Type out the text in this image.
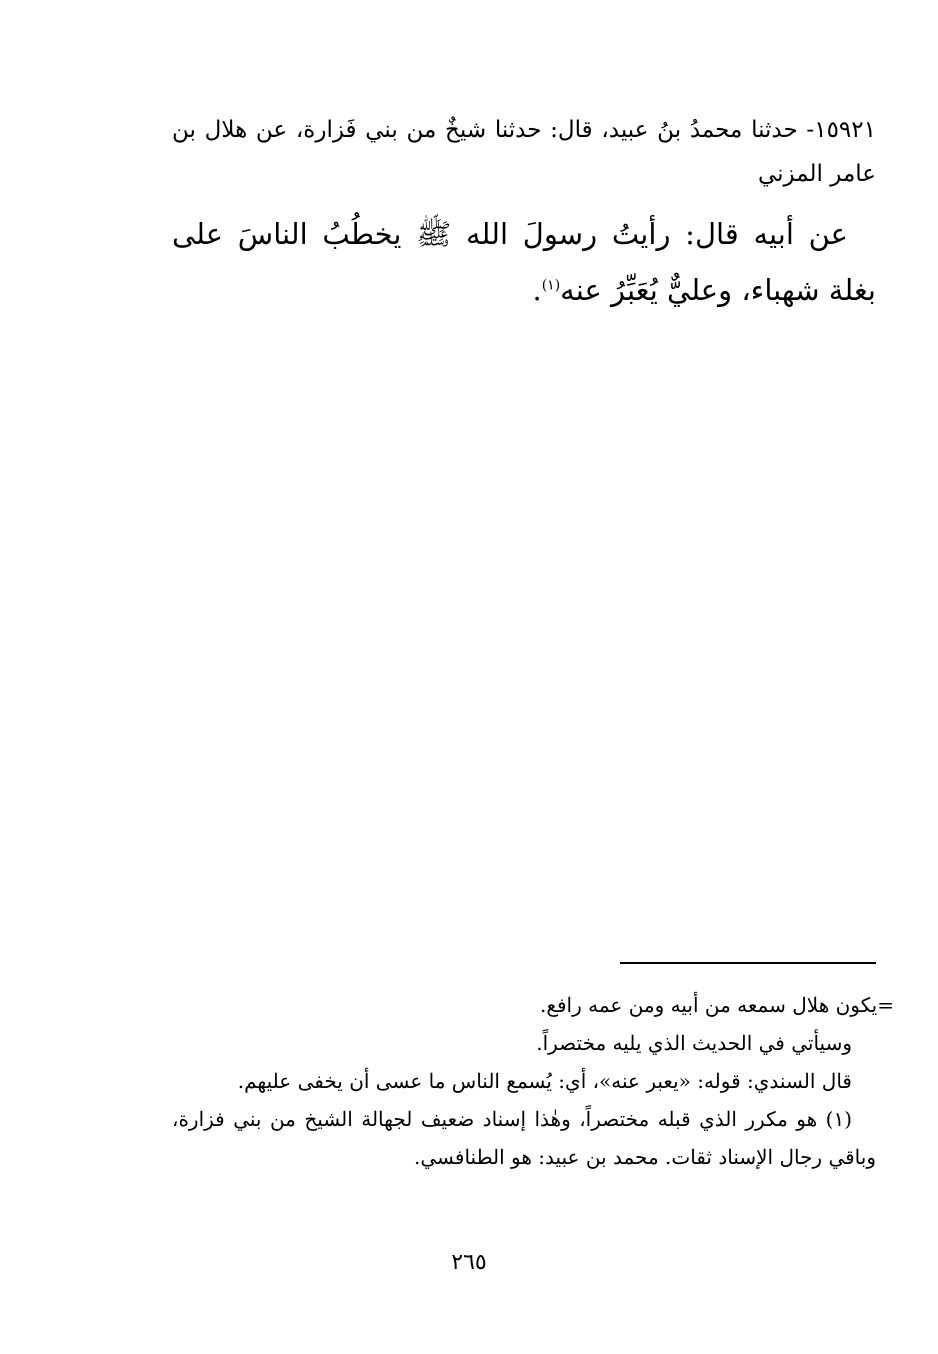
١٥٩٢١- حدثنا محمدُ بنُ عبيد، قال: حدثنا شيخٌ من بني فَزارة، عن هلال بن عامر المزني

عن أبيه قال: رأيتُ رسولَ الله ﷺ يخطُبُ الناسَ على بغلة شهباء، وعليٌّ يُعَبِّرُ عنه$^{(١)}$.

=يكون هلال سمعه من أبيه ومن عمه رافع.

وسيأتي في الحديث الذي يليه مختصراً.

قال السندي: قوله: «يعبر عنه»، أي: يُسمع الناس ما عسى أن يخفى عليهم.

(١) هو مكرر الذي قبله مختصراً، وهٰذا إسناد ضعيف لجهالة الشيخ من بني فزارة، وباقي رجال الإسناد ثقات. محمد بن عبيد: هو الطنافسي.

٢٦٥
